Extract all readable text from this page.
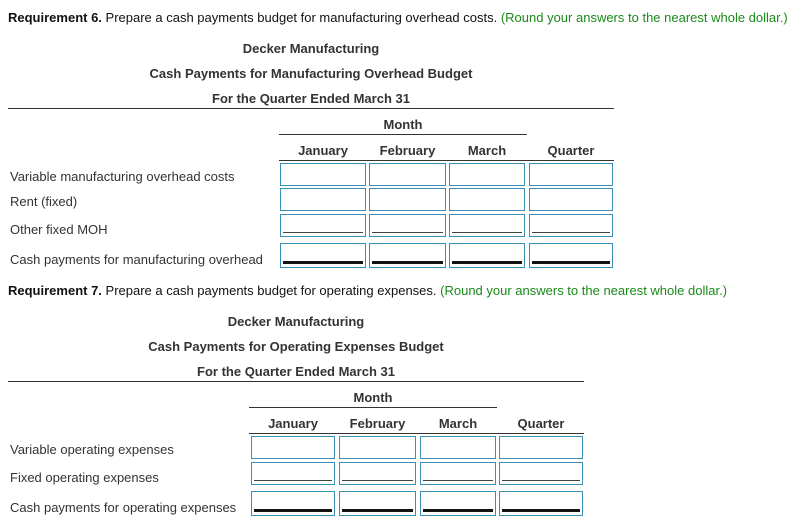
Requirement 6. Prepare a cash payments budget for manufacturing overhead costs. (Round your answers to the nearest whole dollar.)
Decker Manufacturing
Cash Payments for Manufacturing Overhead Budget
For the Quarter Ended March 31
Month
January	February	March	Quarter
Variable manufacturing overhead costs
Rent (fixed)
Other fixed MOH
Cash payments for manufacturing overhead
Requirement 7. Prepare a cash payments budget for operating expenses. (Round your answers to the nearest whole dollar.)
Decker Manufacturing
Cash Payments for Operating Expenses Budget
For the Quarter Ended March 31
Month
January	February	March	Quarter
Variable operating expenses
Fixed operating expenses
Cash payments for operating expenses
